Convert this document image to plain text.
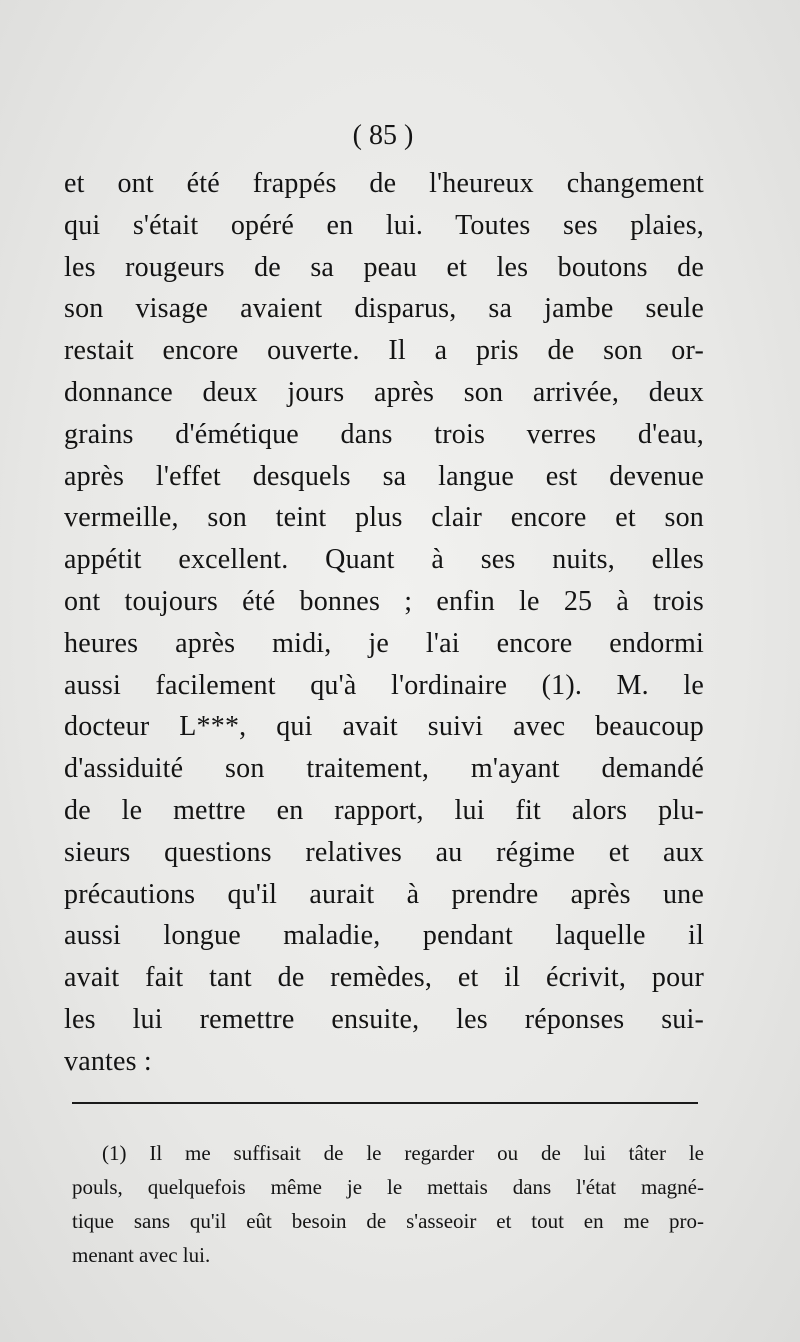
( 85 )
et ont été frappés de l'heureux changement
qui s'était opéré en lui. Toutes ses plaies,
les rougeurs de sa peau et les boutons de
son visage avaient disparus, sa jambe seule
restait encore ouverte. Il a pris de son or-
donnance deux jours après son arrivée, deux
grains d'émétique dans trois verres d'eau,
après l'effet desquels sa langue est devenue
vermeille, son teint plus clair encore et son
appétit excellent. Quant à ses nuits, elles
ont toujours été bonnes ; enfin le 25 à trois
heures après midi, je l'ai encore endormi
aussi facilement qu'à l'ordinaire (1). M. le
docteur L***, qui avait suivi avec beaucoup
d'assiduité son traitement, m'ayant demandé
de le mettre en rapport, lui fit alors plu-
sieurs questions relatives au régime et aux
précautions qu'il aurait à prendre après une
aussi longue maladie, pendant laquelle il
avait fait tant de remèdes, et il écrivit, pour
les lui remettre ensuite, les réponses sui-
vantes :
(1) Il me suffisait de le regarder ou de lui tâter le
pouls, quelquefois même je le mettais dans l'état magné-
tique sans qu'il eût besoin de s'asseoir et tout en me pro-
menant avec lui.
